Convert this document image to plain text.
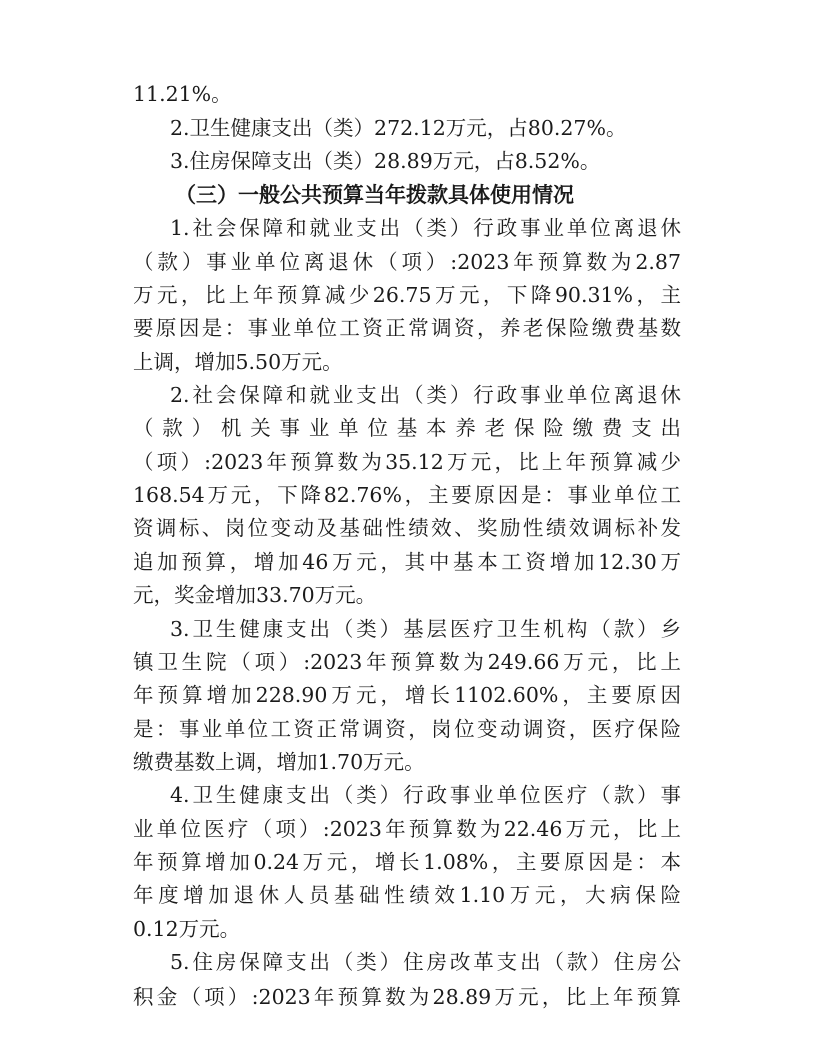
11.21%。
2.卫生健康支出（类）272.12万元，占80.27%。
3.住房保障支出（类）28.89万元，占8.52%。
（三）一般公共预算当年拨款具体使用情况
1.社会保障和就业支出（类）行政事业单位离退休
（款）事业单位离退休（项）:2023年预算数为2.87
万元，比上年预算减少26.75万元，下降90.31%，主
要原因是：事业单位工资正常调资，养老保险缴费基数
上调，增加5.50万元。
2.社会保障和就业支出（类）行政事业单位离退休
（款）机关事业单位基本养老保险缴费支出
（项）:2023年预算数为35.12万元，比上年预算减少
168.54万元，下降82.76%，主要原因是：事业单位工
资调标、岗位变动及基础性绩效、奖励性绩效调标补发
追加预算，增加46万元，其中基本工资增加12.30万
元，奖金增加33.70万元。
3.卫生健康支出（类）基层医疗卫生机构（款）乡
镇卫生院（项）:2023年预算数为249.66万元，比上
年预算增加228.90万元，增长1102.60%，主要原因
是：事业单位工资正常调资，岗位变动调资，医疗保险
缴费基数上调，增加1.70万元。
4.卫生健康支出（类）行政事业单位医疗（款）事
业单位医疗（项）:2023年预算数为22.46万元，比上
年预算增加0.24万元，增长1.08%，主要原因是：本
年度增加退休人员基础性绩效1.10万元，大病保险
0.12万元。
5.住房保障支出（类）住房改革支出（款）住房公
积金（项）:2023年预算数为28.89万元，比上年预算
